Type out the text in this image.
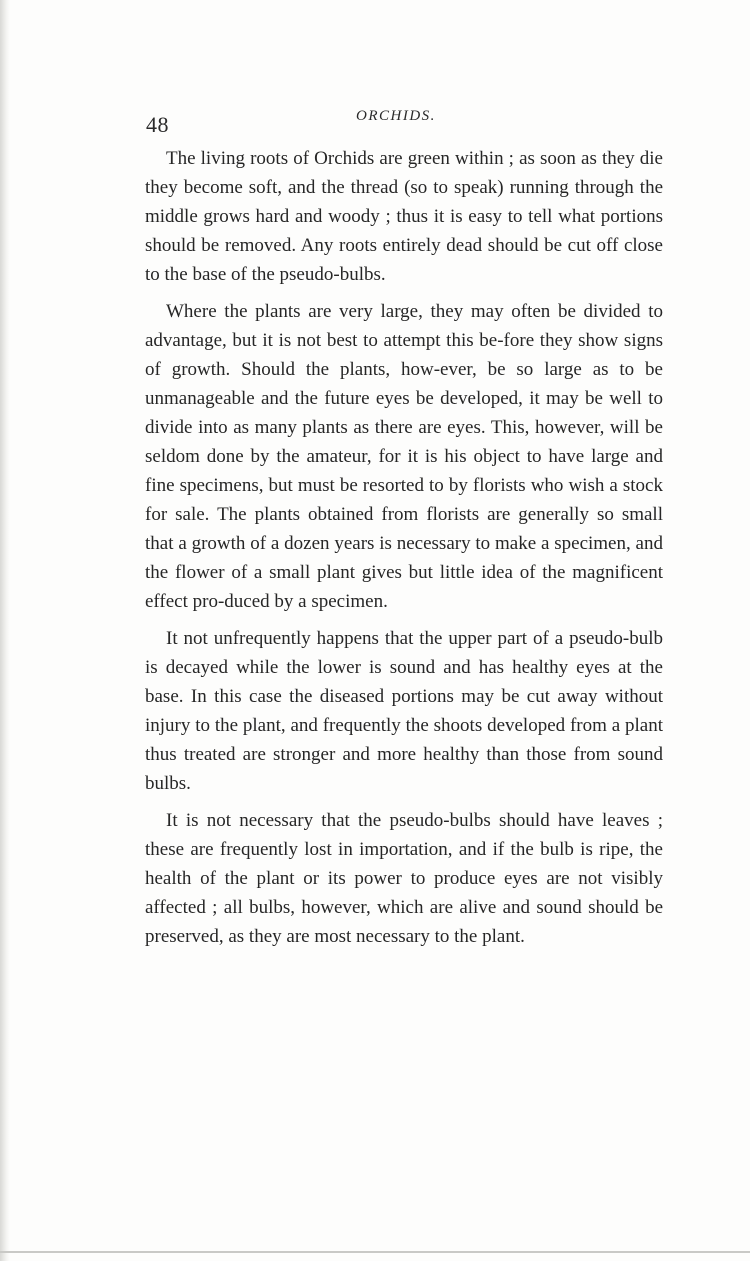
48	ORCHIDS.

The living roots of Orchids are green within ; as soon as they die they become soft, and the thread (so to speak) running through the middle grows hard and woody ; thus it is easy to tell what portions should be removed. Any roots entirely dead should be cut off close to the base of the pseudo-bulbs.

Where the plants are very large, they may often be divided to advantage, but it is not best to attempt this be-fore they show signs of growth. Should the plants, how-ever, be so large as to be unmanageable and the future eyes be developed, it may be well to divide into as many plants as there are eyes. This, however, will be seldom done by the amateur, for it is his object to have large and fine specimens, but must be resorted to by florists who wish a stock for sale. The plants obtained from florists are generally so small that a growth of a dozen years is necessary to make a specimen, and the flower of a small plant gives but little idea of the magnificent effect pro-duced by a specimen.

It not unfrequently happens that the upper part of a pseudo-bulb is decayed while the lower is sound and has healthy eyes at the base. In this case the diseased portions may be cut away without injury to the plant, and frequently the shoots developed from a plant thus treated are stronger and more healthy than those from sound bulbs.

It is not necessary that the pseudo-bulbs should have leaves ; these are frequently lost in importation, and if the bulb is ripe, the health of the plant or its power to produce eyes are not visibly affected ; all bulbs, however, which are alive and sound should be preserved, as they are most necessary to the plant.
